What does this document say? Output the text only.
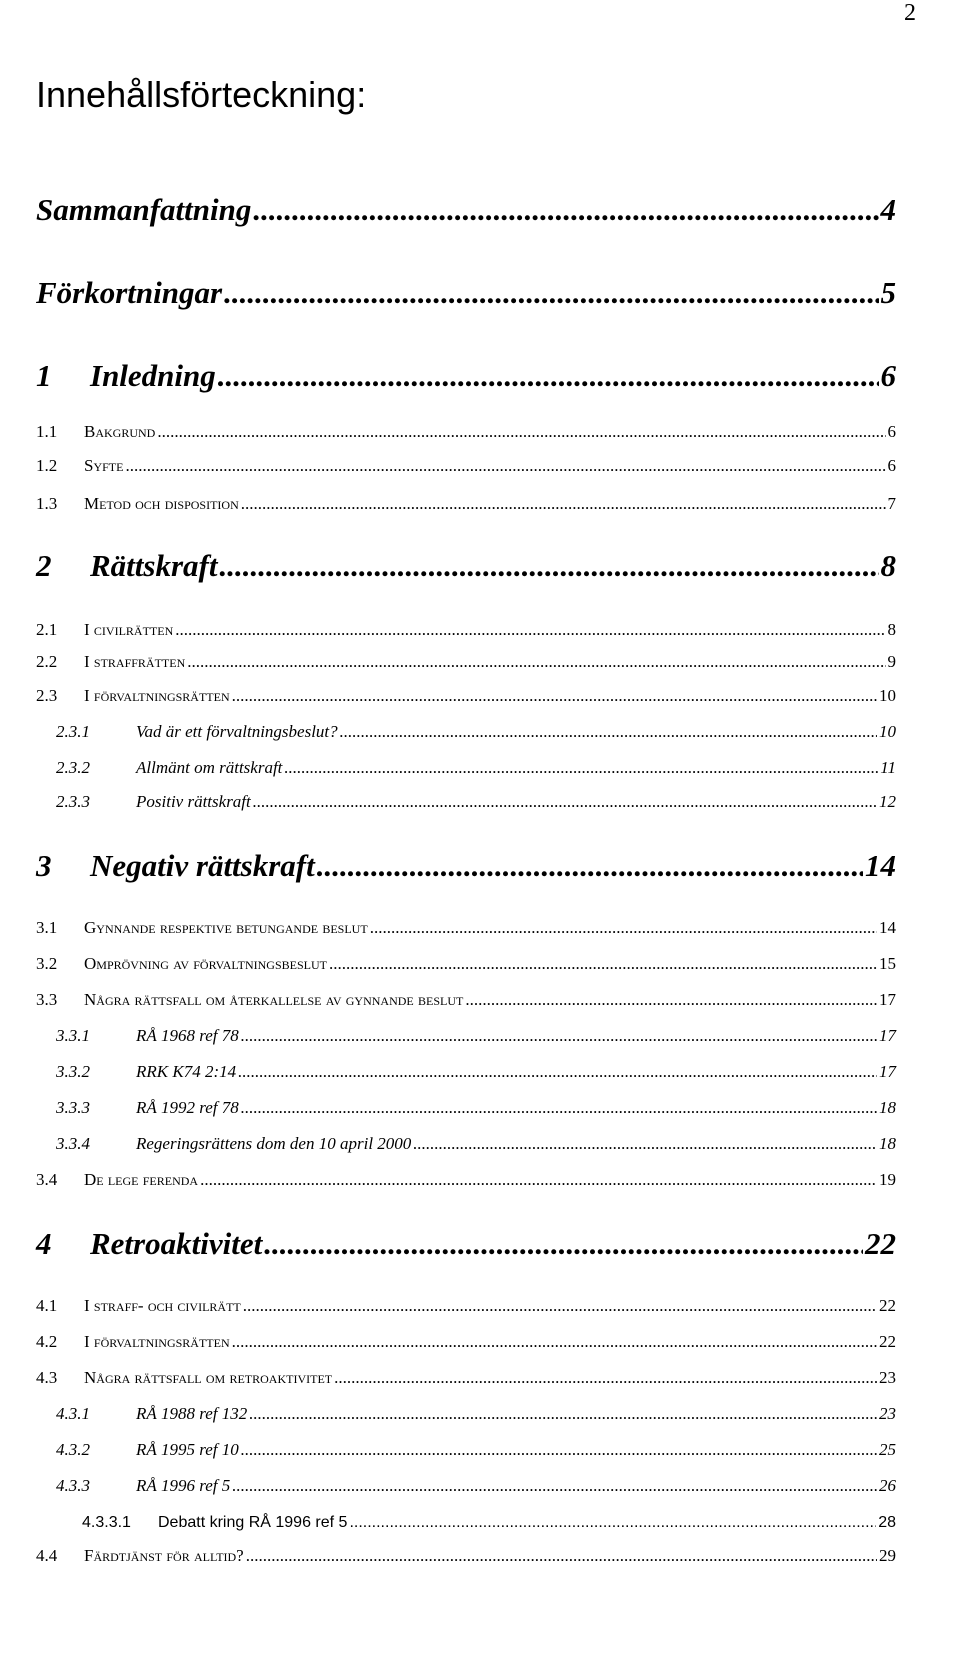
2
Innehållsförteckning:
Sammanfattning .....	4
Förkortningar .....	5
1	Inledning .....	6
1.1	Bakgrund .....	6
1.2	Syfte .....	6
1.3	Metod och disposition .....	7
2	Rättskraft .....	8
2.1	I civilrätten .....	8
2.2	I straffrätten .....	9
2.3	I förvaltningsrätten .....	10
2.3.1	Vad är ett förvaltningsbeslut? .....	10
2.3.2	Allmänt om rättskraft .....	11
2.3.3	Positiv rättskraft .....	12
3	Negativ rättskraft .....	14
3.1	Gynnande respektive betungande beslut .....	14
3.2	Omprövning av förvaltningsbeslut .....	15
3.3	Några rättsfall om återkallelse av gynnande beslut .....	17
3.3.1	RÅ 1968 ref 78 .....	17
3.3.2	RRK K74 2:14 .....	17
3.3.3	RÅ 1992 ref 78 .....	18
3.3.4	Regeringsrättens dom den 10 april 2000 .....	18
3.4	De lege ferenda .....	19
4	Retroaktivitet .....	22
4.1	I straff- och civilrätt .....	22
4.2	I förvaltningsrätten .....	22
4.3	Några rättsfall om retroaktivitet .....	23
4.3.1	RÅ 1988 ref 132 .....	23
4.3.2	RÅ 1995 ref 10 .....	25
4.3.3	RÅ 1996 ref 5 .....	26
4.3.3.1	Debatt kring RÅ 1996 ref 5 .....	28
4.4	Färdtjänst för alltid? .....	29
